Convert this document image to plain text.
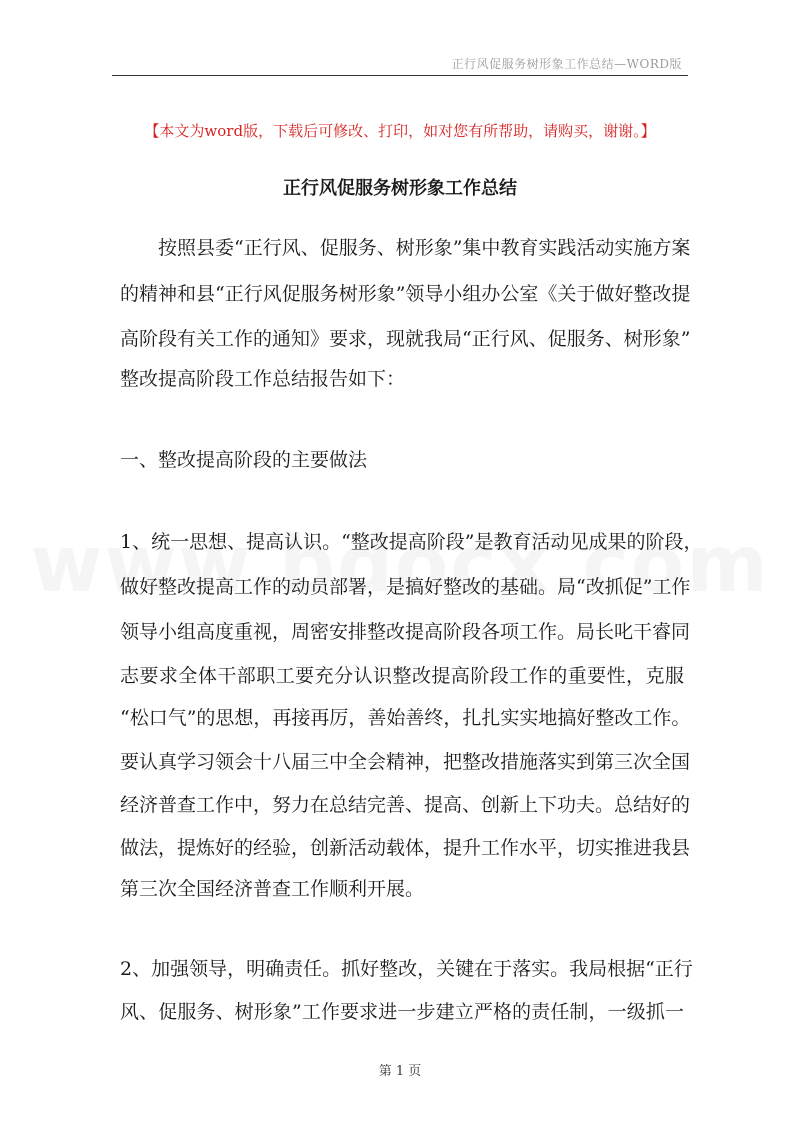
正行风促服务树形象工作总结—WORD版
【本文为word版，下载后可修改、打印，如对您有所帮助，请购买，谢谢。】
正行风促服务树形象工作总结
　　按照县委“正行风、促服务、树形象”集中教育实践活动实施方案
的精神和县“正行风促服务树形象”领导小组办公室《关于做好整改提
高阶段有关工作的通知》要求，现就我局“正行风、促服务、树形象”
整改提高阶段工作总结报告如下：
一、整改提高阶段的主要做法
1、统一思想、提高认识。“整改提高阶段”是教育活动见成果的阶段，
做好整改提高工作的动员部署，是搞好整改的基础。局“改抓促”工作
领导小组高度重视，周密安排整改提高阶段各项工作。局长叱干睿同
志要求全体干部职工要充分认识整改提高阶段工作的重要性，克服
“松口气”的思想，再接再厉，善始善终，扎扎实实地搞好整改工作。
要认真学习领会十八届三中全会精神，把整改措施落实到第三次全国
经济普查工作中，努力在总结完善、提高、创新上下功夫。总结好的
做法，提炼好的经验，创新活动载体，提升工作水平，切实推进我县
第三次全国经济普查工作顺利开展。
2、加强领导，明确责任。抓好整改，关键在于落实。我局根据“正行
风、促服务、树形象”工作要求进一步建立严格的责任制，一级抓一
第 1 页
